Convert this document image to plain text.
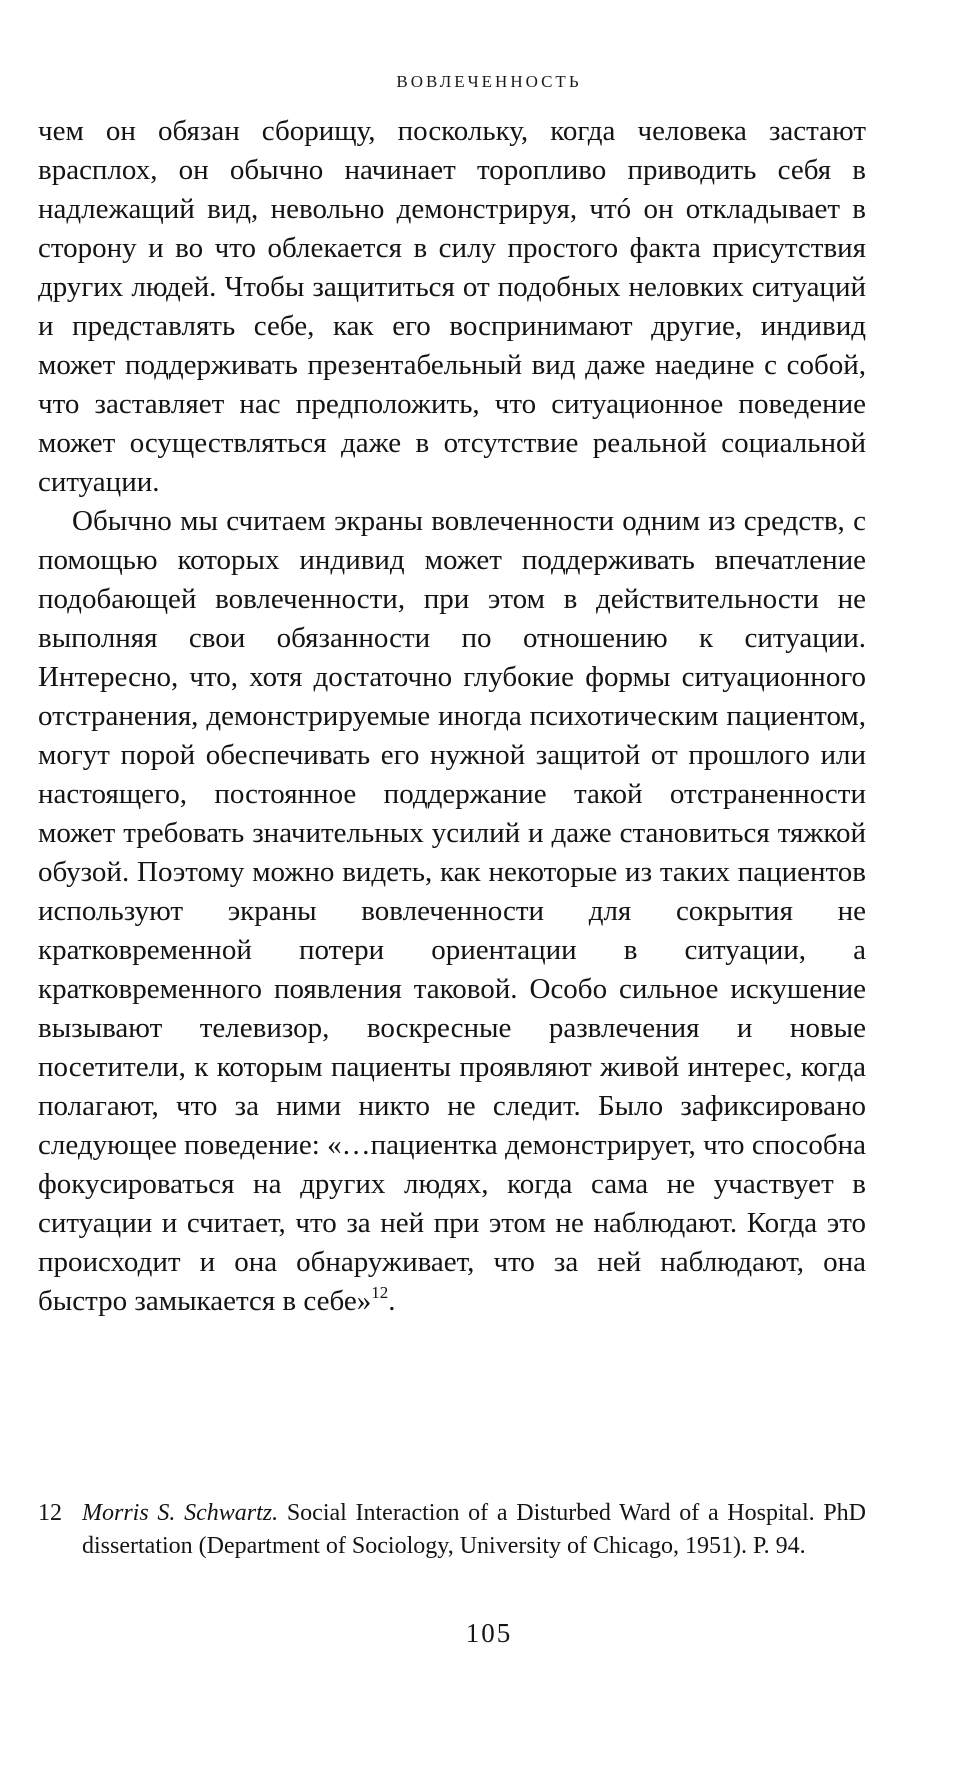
ВОВЛЕЧЕННОСТЬ

чем он обязан сборищу, поскольку, когда человека застают врасплох, он обычно начинает торопливо приводить себя в надлежащий вид, невольно демонстрируя, чтó он откладывает в сторону и во что облекается в силу простого факта присутствия других людей. Чтобы защититься от подобных неловких ситуаций и представлять себе, как его воспринимают другие, индивид может поддерживать презентабельный вид даже наедине с собой, что заставляет нас предположить, что ситуационное поведение может осуществляться даже в отсутствие реальной социальной ситуации.

Обычно мы считаем экраны вовлеченности одним из средств, с помощью которых индивид может поддерживать впечатление подобающей вовлеченности, при этом в действительности не выполняя свои обязанности по отношению к ситуации. Интересно, что, хотя достаточно глубокие формы ситуационного отстранения, демонстрируемые иногда психотическим пациентом, могут порой обеспечивать его нужной защитой от прошлого или настоящего, постоянное поддержание такой отстраненности может требовать значительных усилий и даже становиться тяжкой обузой. Поэтому можно видеть, как некоторые из таких пациентов используют экраны вовлеченности для сокрытия не кратковременной потери ориентации в ситуации, а кратковременного появления таковой. Особо сильное искушение вызывают телевизор, воскресные развлечения и новые посетители, к которым пациенты проявляют живой интерес, когда полагают, что за ними никто не следит. Было зафиксировано следующее поведение: «…пациентка демонстрирует, что способна фокусироваться на других людях, когда сама не участвует в ситуации и считает, что за ней при этом не наблюдают. Когда это происходит и она обнаруживает, что за ней наблюдают, она быстро замыкается в себе»$^{12}$.

12 Morris S. Schwartz. Social Interaction of a Disturbed Ward of a Hospital. PhD dissertation (Department of Sociology, University of Chicago, 1951). P. 94.
105
